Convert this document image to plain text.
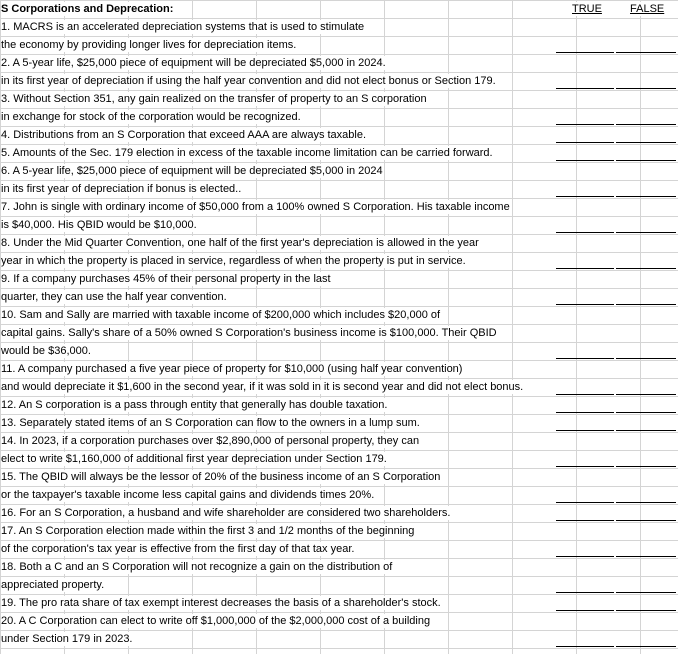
S Corporations and Deprecation:	TRUE	FALSE
1. MACRS is an accelerated depreciation systems that is used to stimulate
the economy by providing longer lives for depreciation items.
2. A 5-year life, $25,000 piece of equipment will be depreciated $5,000 in 2024.
in its first year of depreciation if using the half year convention and did not elect bonus or Section 179.
3. Without Section 351, any gain realized on the transfer of property to an S corporation
in exchange for stock of the corporation would be recognized.
4. Distributions from an S Corporation that exceed AAA are always taxable.
5. Amounts of the Sec. 179 election in excess of the taxable income limitation can be carried forward.
6. A 5-year life, $25,000 piece of equipment will be depreciated $5,000 in 2024
in its first year of depreciation if bonus is elected..
7. John is single with ordinary income of $50,000 from a 100% owned S Corporation. His taxable income
is $40,000. His QBID would be $10,000.
8. Under the Mid Quarter Convention, one half of the first year's depreciation is allowed in the year
year in which the property is placed in service, regardless of when the property is put in service.
9. If a company purchases 45% of their personal property in the last
quarter, they can use the half year convention.
10. Sam and Sally are married with taxable income of $200,000 which includes $20,000 of
capital gains. Sally's share of a 50% owned S Corporation's business income is $100,000. Their QBID
would be $36,000.
11. A company purchased a five year piece of property for $10,000 (using half year convention)
and would depreciate it $1,600 in the second year, if it was sold in it is second year and did not elect bonus.
12. An S corporation is a pass through entity that generally has double taxation.
13. Separately stated items of an S Corporation can flow to the owners in a lump sum.
14. In 2023, if a corporation purchases over $2,890,000 of personal property, they can
elect to write $1,160,000 of additional first year depreciation under Section 179.
15. The QBID will always be the lessor of 20% of the business income of an S Corporation
or the taxpayer's taxable income less capital gains and dividends times 20%.
16. For an S Corporation, a husband and wife shareholder are considered two shareholders.
17. An S Corporation election made within the first 3 and 1/2 months of the beginning
of the corporation's tax year is effective from the first day of that tax year.
18. Both a C and an S Corporation will not recognize a gain on the distribution of
appreciated property.
19. The pro rata share of tax exempt interest decreases the basis of a shareholder's stock.
20. A C Corporation can elect to write off $1,000,000 of the $2,000,000 cost of a building
under Section 179 in 2023.
